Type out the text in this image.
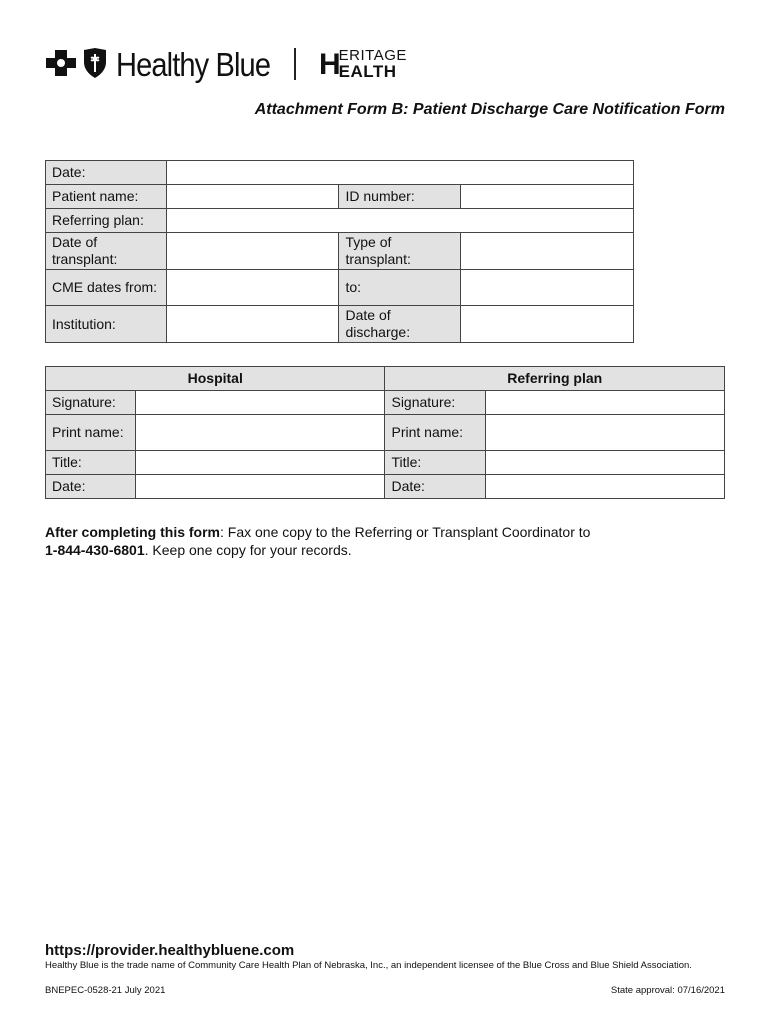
Healthy Blue H
ERITAGE
EALTH
Attachment Form B: Patient Discharge Care Notification Form
Date:			
Patient name:		ID number:	
Referring plan:			
Date of transplant:		Type of transplant:	
CME dates from:		to:	
Institution:		Date of discharge:	
Hospital		Referring plan	
Signature:		Signature:	
Print name:		Print name:	
Title:		Title:	
Date:		Date:	
After completing this form: Fax one copy to the Referring or Transplant Coordinator to
1-844-430-6801. Keep one copy for your records.
https://provider.healthybluene.com
Healthy Blue is the trade name of Community Care Health Plan of Nebraska, Inc., an independent licensee of the Blue Cross and Blue Shield Association.
BNEPEC-0528-21 July 2021	State approval: 07/16/2021
